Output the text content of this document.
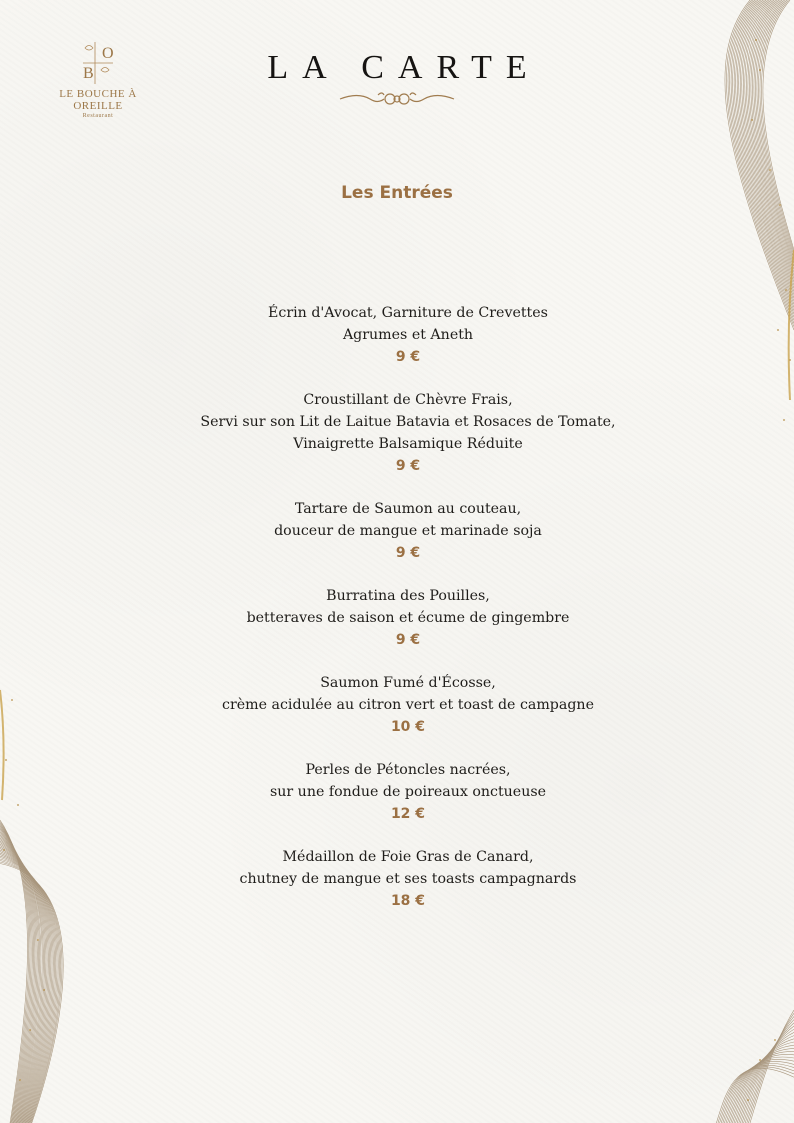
O
B
LE BOUCHE À OREILLE
Restaurant
LA CARTE
Les Entrées
Écrin d'Avocat, Garniture de Crevettes
Agrumes et Aneth
9 €
Croustillant de Chèvre Frais,
Servi sur son Lit de Laitue Batavia et Rosaces de Tomate,
Vinaigrette Balsamique Réduite
9 €
Tartare de Saumon au couteau,
douceur de mangue et marinade soja
9 €
Burratina des Pouilles,
betteraves de saison et écume de gingembre
9 €
Saumon Fumé d'Écosse,
crème acidulée au citron vert et toast de campagne
10 €
Perles de Pétoncles nacrées,
sur une fondue de poireaux onctueuse
12 €
Médaillon de Foie Gras de Canard,
chutney de mangue et ses toasts campagnards
18 €
